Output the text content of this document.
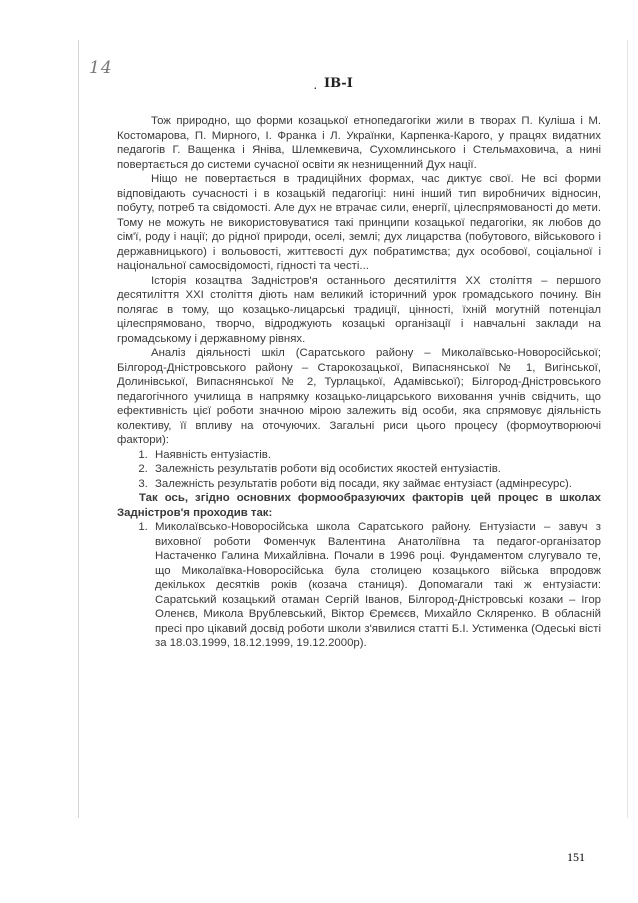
14
· IB-I

Тож природно, що форми козацької етнопедагогіки жили в творах П. Куліша і М. Костомарова, П. Мирного, І. Франка і Л. Українки, Карпенка-Карого, у працях видатних педагогів Г. Ващенка і Яніва, Шлемкевича, Сухомлинського і Стельмаховича, а нині повертається до системи сучасної освіти як незнищенний Дух нації.

Ніщо не повертається в традиційних формах, час диктує свої. Не всі форми відповідають сучасності і в козацькій педагогіці: нині інший тип виробничих відносин, побуту, потреб та свідомості. Але дух не втрачає сили, енергії, цілеспрямованості до мети. Тому не можуть не використовуватися такі принципи козацької педагогіки, як любов до сім'ї, роду і нації; до рідної природи, оселі, землі; дух лицарства (побутового, військового і державницького) і вольовості, життєвості дух побратимства; дух особової, соціальної і національної самосвідомості, гідності та честі...

Історія козацтва Задністров'я останнього десятиліття XX століття – першого десятиліття XXI століття діють нам великий історичний урок громадського почину. Він полягає в тому, що козацько-лицарські традиції, цінності, їхній могутній потенціал цілеспрямовано, творчо, відроджують козацькі організації і навчальні заклади на громадському і державному рівнях.

Аналіз діяльності шкіл (Саратського району – Миколаївсько-Новоросійської; Білгород-Дністровського району – Старокозацької, Випаснянської № 1, Вигінської, Долинівської, Випаснянської № 2, Турлацької, Адамівської); Білгород-Дністровського педагогічного училища в напрямку козацько-лицарського виховання учнів свідчить, що ефективність цієї роботи значною мірою залежить від особи, яка спрямовує діяльність колективу, її впливу на оточуючих. Загальні риси цього процесу (формоутворюючі фактори):

1. Наявність ентузіастів.
2. Залежність результатів роботи від особистих якостей ентузіастів.
3. Залежність результатів роботи від посади, яку займає ентузіаст (адмінресурс).

Так ось, згідно основних формообразуючих факторів цей процес в школах Задністров'я проходив так:

1. Миколаївсько-Новоросійська школа Саратського району. Ентузіасти – завуч з виховної роботи Фоменчук Валентина Анатоліївна та педагог-організатор Настаченко Галина Михайлівна. Почали в 1996 році. Фундаментом слугувало те, що Миколаївка-Новоросійська була столицею козацького війська впродовж декількох десятків років (козача станиця). Допомагали такі ж ентузіасти: Саратський козацький отаман Сергій Іванов, Білгород-Дністровські козаки – Ігор Оленєв, Микола Врублевський, Віктор Єремєєв, Михайло Скляренко. В обласній пресі про цікавий досвід роботи школи з'явилися статті Б.І. Устименка (Одеські вісті за 18.03.1999, 18.12.1999, 19.12.2000р).
151
